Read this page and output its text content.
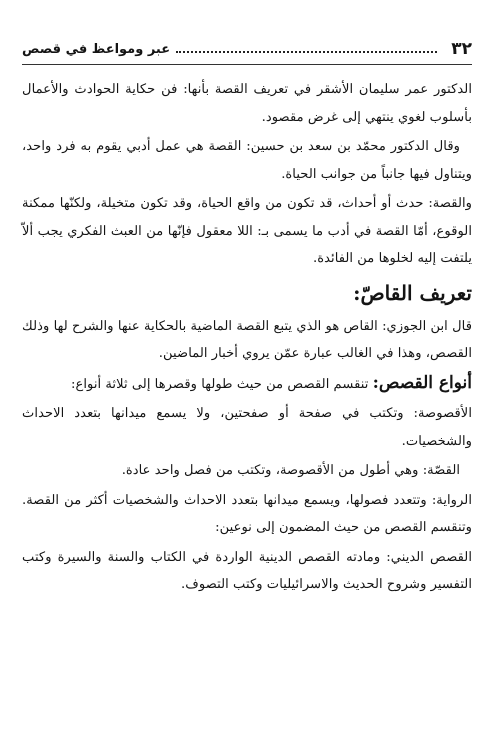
٣٢
عبر ومواعظ في قصص

الدكتور عمر سليمان الأشقر في تعريف القصة بأنها: فن حكاية الحوادث والأعمال بأسلوب لغوي ينتهي إلى غرض مقصود.

وقال الدكتور محمّد بن سعد بن حسين: القصة هي عمل أدبي يقوم به فرد واحد، ويتناول فيها جانباً من جوانب الحياة.

والقصة: حدث أو أحداث، قد تكون من واقع الحياة، وقد تكون متخيلة، ولكنّها ممكنة الوقوع، أمّا القصة في أدب ما يسمى بـ: اللا معقول فإنّها من العبث الفكري يجب ألاّ يلتفت إليه لخلوها من الفائدة.

تعريف القاصّ:

قال ابن الجوزي: القاص هو الذي يتبع القصة الماضية بالحكاية عنها والشرح لها وذلك القصص، وهذا في الغالب عبارة عمّن يروي أخبار الماضين.

أنواع القصص: تنقسم القصص من حيث طولها وقصرها إلى ثلاثة أنواع:

الأقصوصة: وتكتب في صفحة أو صفحتين، ولا يسمع ميدانها بتعدد الاحداث والشخصيات.

القصّة: وهي أطول من الأقصوصة، وتكتب من فصل واحد عادة.

الرواية: وتتعدد فصولها، ويسمع ميدانها بتعدد الاحداث والشخصيات أكثر من القصة. وتنقسم القصص من حيث المضمون إلى نوعين:

القصص الديني: ومادته القصص الدينية الواردة في الكتاب والسنة والسيرة وكتب التفسير وشروح الحديث والاسرائيليات وكتب التصوف.
